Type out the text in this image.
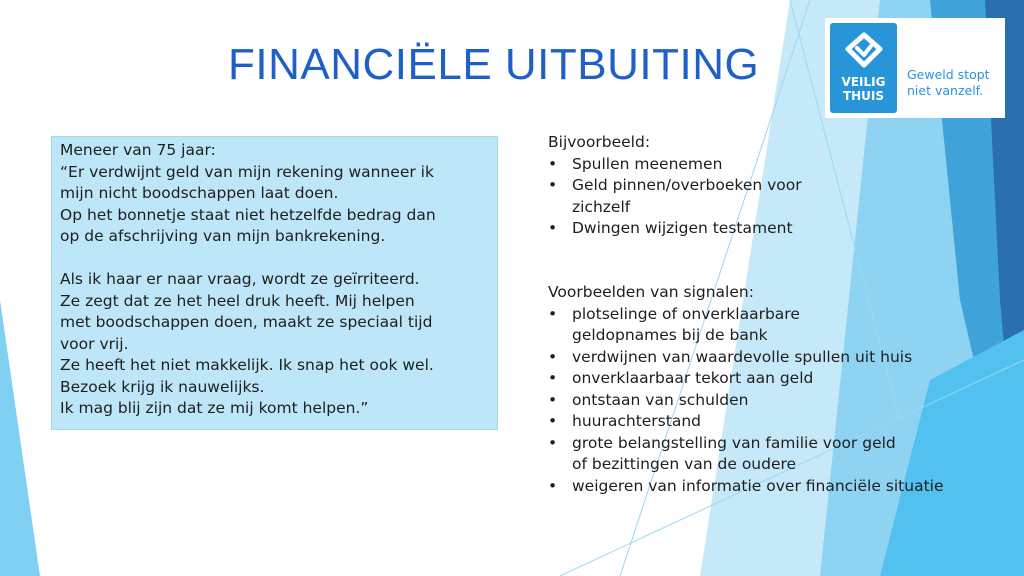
FINANCIËLE UITBUITING	VEILIG
THUIS
Geweld stopt
niet vanzelf.

Meneer van 75 jaar:

“Er verdwijnt geld van mijn rekening wanneer ik

mijn nicht boodschappen laat doen.

Op het bonnetje staat niet hetzelfde bedrag dan

op de afschrijving van mijn bankrekening.

Als ik haar er naar vraag, wordt ze geïrriteerd.

Ze zegt dat ze het heel druk heeft. Mij helpen

met boodschappen doen, maakt ze speciaal tijd

voor vrij.

Ze heeft het niet makkelijk. Ik snap het ook wel.

Bezoek krijg ik nauwelijks.

Ik mag blij zijn dat ze mij komt helpen.”

Bijvoorbeeld:
• Spullen meenemen
• Geld pinnen/overboeken voor zichzelf
• Dwingen wijzigen testament
Voorbeelden van signalen:
• plotselinge of onverklaarbare geldopnames bij de bank
• verdwijnen van waardevolle spullen uit huis
• onverklaarbaar tekort aan geld
• ontstaan van schulden
• huurachterstand
• grote belangstelling van familie voor geld of bezittingen van de oudere
• weigeren van informatie over financiële situatie
